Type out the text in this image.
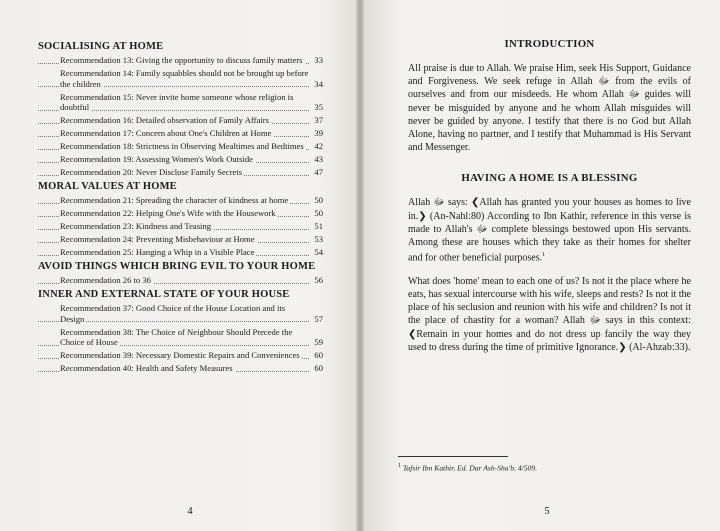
SOCIALISING AT HOME
Recommendation 13: Giving the opportunity to discuss family matters 33
Recommendation 14: Family squabbles should not be brought up before the children	34
Recommendation 15: Never invite home someone whose religion is doubtful	35
Recommendation 16: Detailed observation of Family Affairs	37
Recommendation 17: Concern about One's Children at Home	39
Recommendation 18: Strictness in Observing Mealtimes and Bedtimes 42
Recommendation 19: Assessing Women's Work Outside	43
Recommendation 20: Never Disclose Family Secrets	47
MORAL VALUES AT HOME
Recommendation 21: Spreading the character of kindness at home	50
Recommendation 22: Helping One's Wife with the Housework	50
Recommendation 23: Kindness and Teasing	51
Recommendation 24: Preventing Misbehaviour at Home	53
Recommendation 25: Hanging a Whip in a Visible Place	54
AVOID THINGS WHICH BRING EVIL TO YOUR HOME
Recommendation 26 to 36	56
INNER AND EXTERNAL STATE OF YOUR HOUSE
Recommendation 37: Good Choice of the House Location and its Design	57
Recommendation 38: The Choice of Neighbour Should Precede the Choice of House	59
Recommendation 39: Necessary Domestic Repairs and Conveniences 60
Recommendation 40: Health and Safety Measures	60
4
INTRODUCTION

All praise is due to Allah. We praise Him, seek His Support, Guidance and Forgiveness. We seek refuge in Allah ﷻ from the evils of ourselves and from our misdeeds. He whom Allah ﷻ guides will never be misguided by anyone and he whom Allah misguides will never be guided by anyone. I testify that there is no God but Allah Alone, having no partner, and I testify that Muhammad is His Servant and Messenger.

HAVING A HOME IS A BLESSING

Allah ﷻ says: ❮Allah has granted you your houses as homes to live in.❯ (An-Nahl:80) According to Ibn Kathir, reference in this verse is made to Allah's ﷻ complete blessings bestowed upon His servants. Among these are houses which they take as their homes for shelter and for other beneficial purposes.$^1$

What does 'home' mean to each one of us? Is not it the place where he eats, has sexual intercourse with his wife, sleeps and rests? Is not it the place of his seclusion and reunion with his wife and children? Is not it the place of chastity for a woman? Allah ﷻ says in this context: ❮Remain in your homes and do not dress up fancily the way they used to dress during the time of primitive Ignorance.❯ (Al-Ahzab:33).

$^1$ Tafsir Ibn Kathir, Ed. Dar Ash-Sha'b, 4/509.
5
